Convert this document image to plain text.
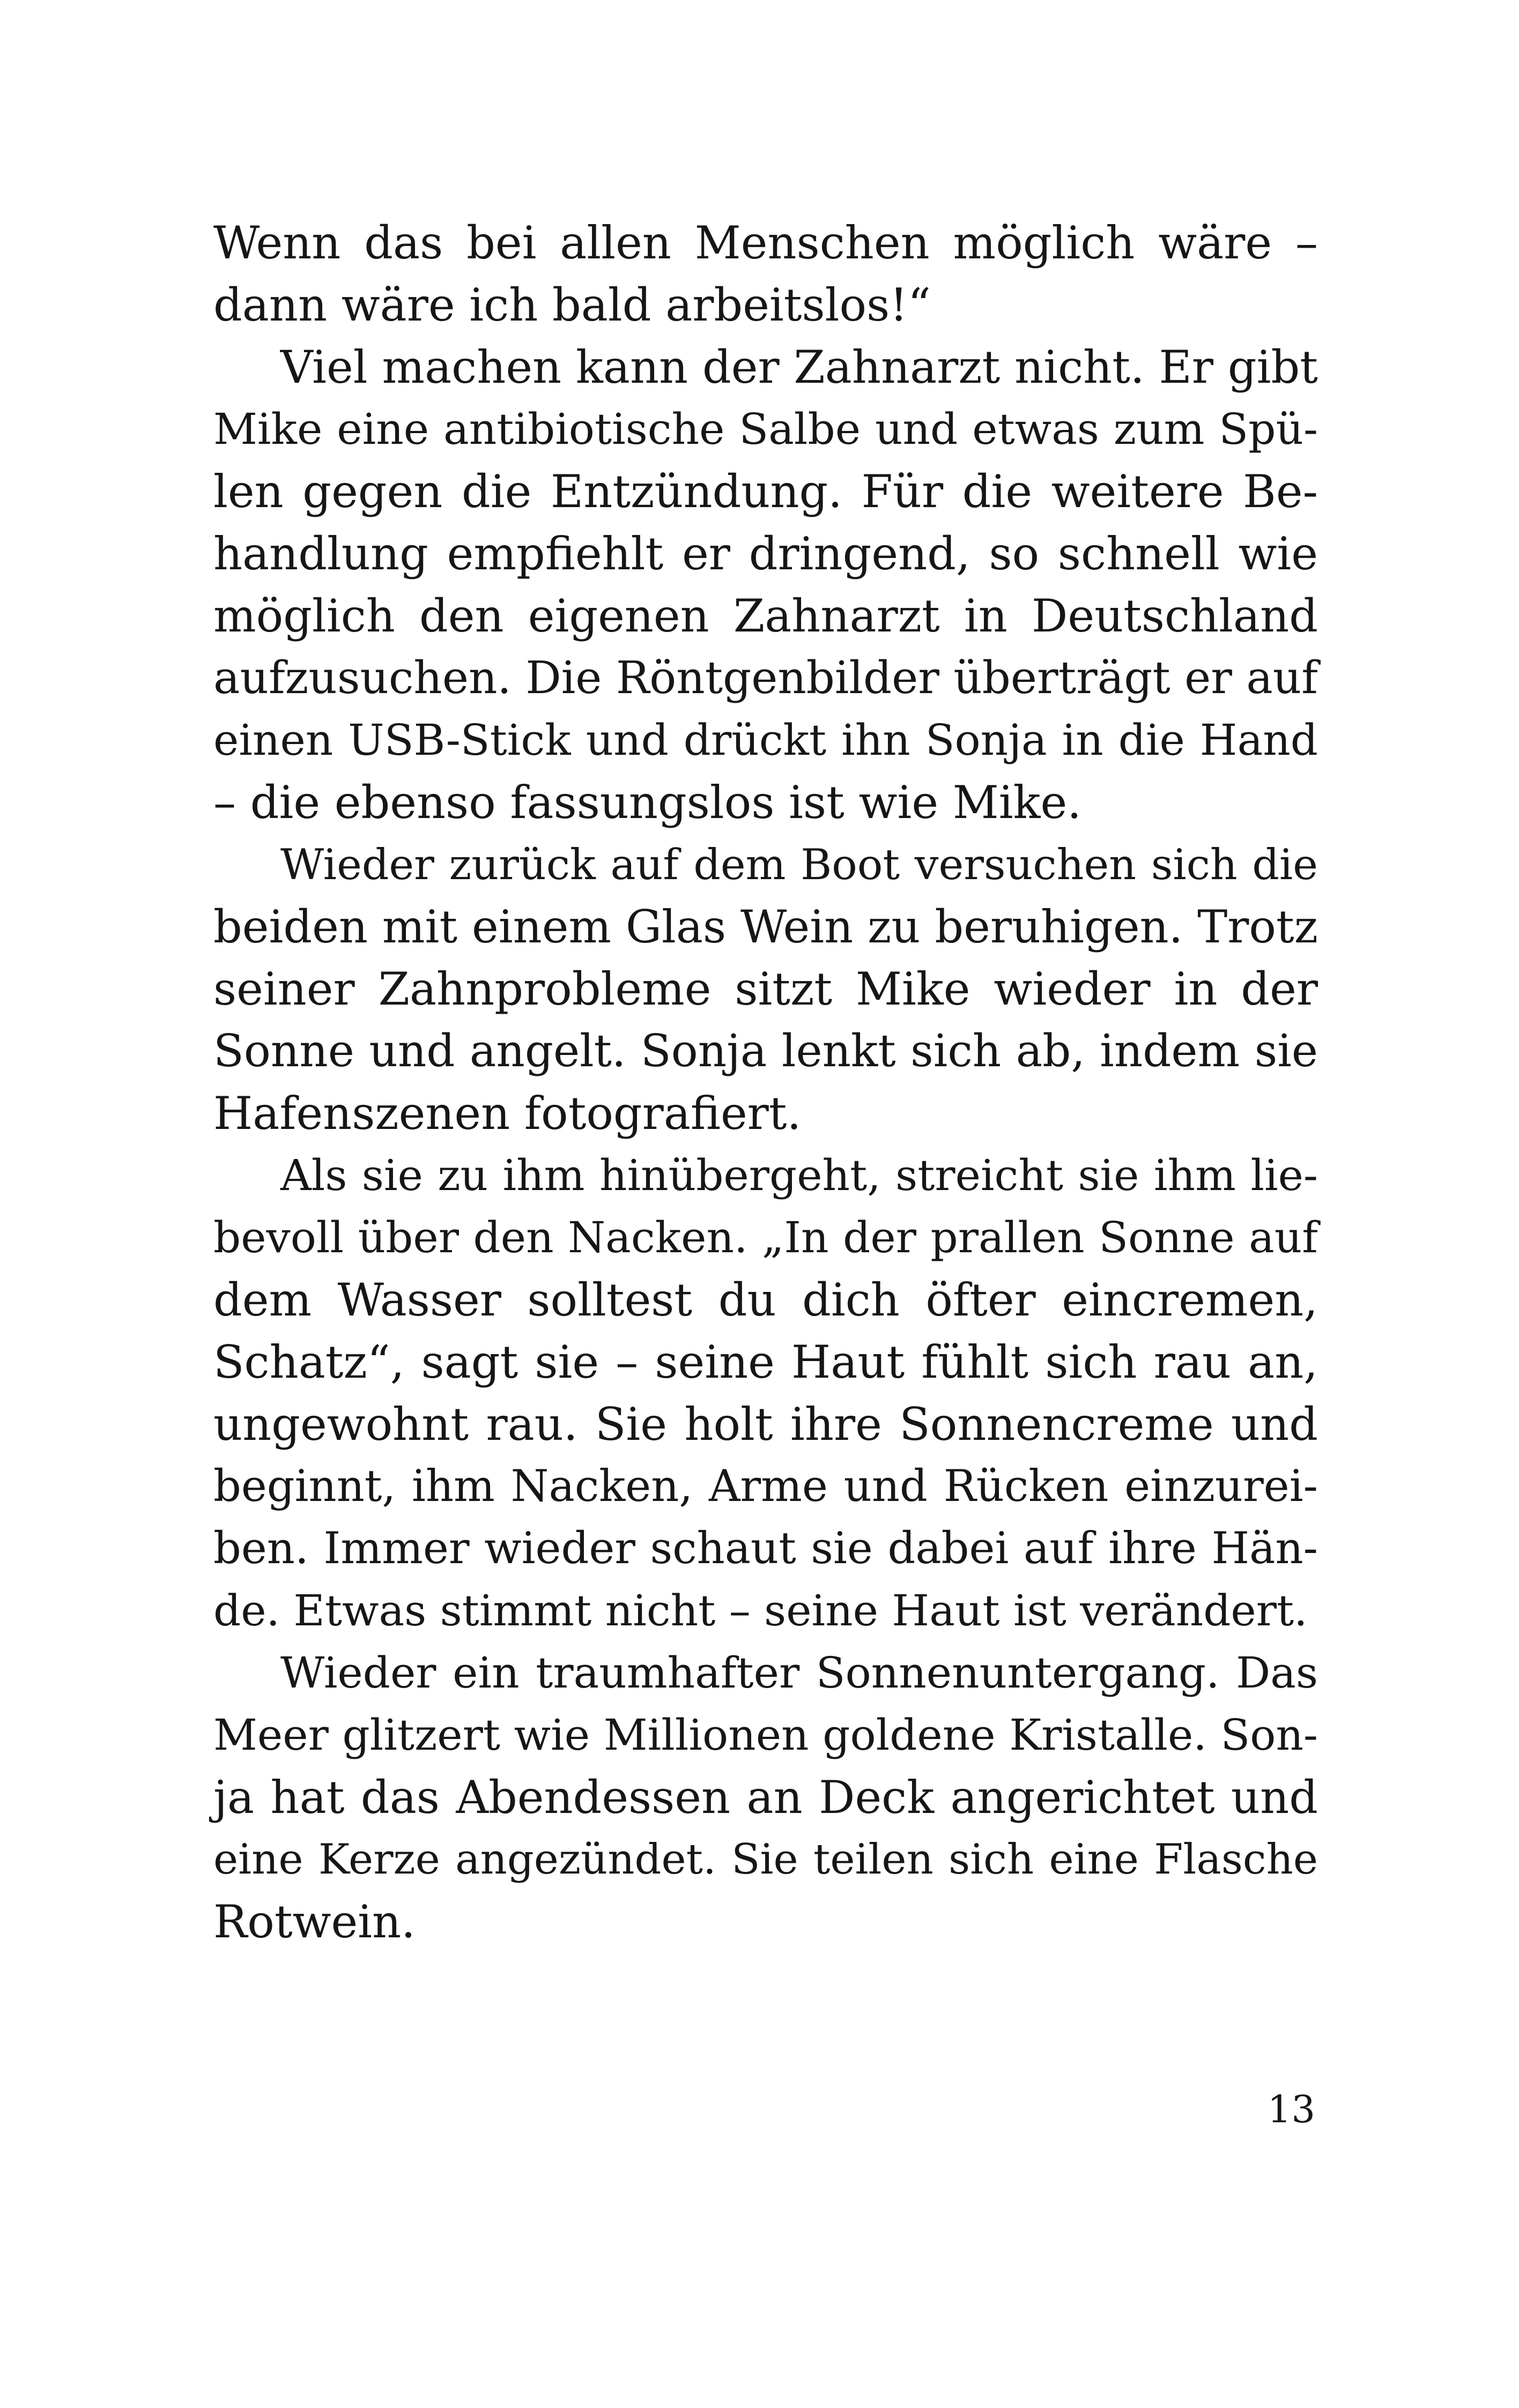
Wenn das bei allen Menschen möglich wäre –
dann wäre ich bald arbeitslos!“
Viel machen kann der Zahnarzt nicht. Er gibt
Mike eine antibiotische Salbe und etwas zum Spü-
len gegen die Entzündung. Für die weitere Be-
handlung empfiehlt er dringend, so schnell wie
möglich den eigenen Zahnarzt in Deutschland
aufzusuchen. Die Röntgenbilder überträgt er auf
einen USB-Stick und drückt ihn Sonja in die Hand
– die ebenso fassungslos ist wie Mike.
Wieder zurück auf dem Boot versuchen sich die
beiden mit einem Glas Wein zu beruhigen. Trotz
seiner Zahnprobleme sitzt Mike wieder in der
Sonne und angelt. Sonja lenkt sich ab, indem sie
Hafenszenen fotografiert.
Als sie zu ihm hinübergeht, streicht sie ihm lie-
bevoll über den Nacken. „In der prallen Sonne auf
dem Wasser solltest du dich öfter eincremen,
Schatz“, sagt sie – seine Haut fühlt sich rau an,
ungewohnt rau. Sie holt ihre Sonnencreme und
beginnt, ihm Nacken, Arme und Rücken einzurei-
ben. Immer wieder schaut sie dabei auf ihre Hän-
de. Etwas stimmt nicht – seine Haut ist verändert.
Wieder ein traumhafter Sonnenuntergang. Das
Meer glitzert wie Millionen goldene Kristalle. Son-
ja hat das Abendessen an Deck angerichtet und
eine Kerze angezündet. Sie teilen sich eine Flasche
Rotwein.
13
